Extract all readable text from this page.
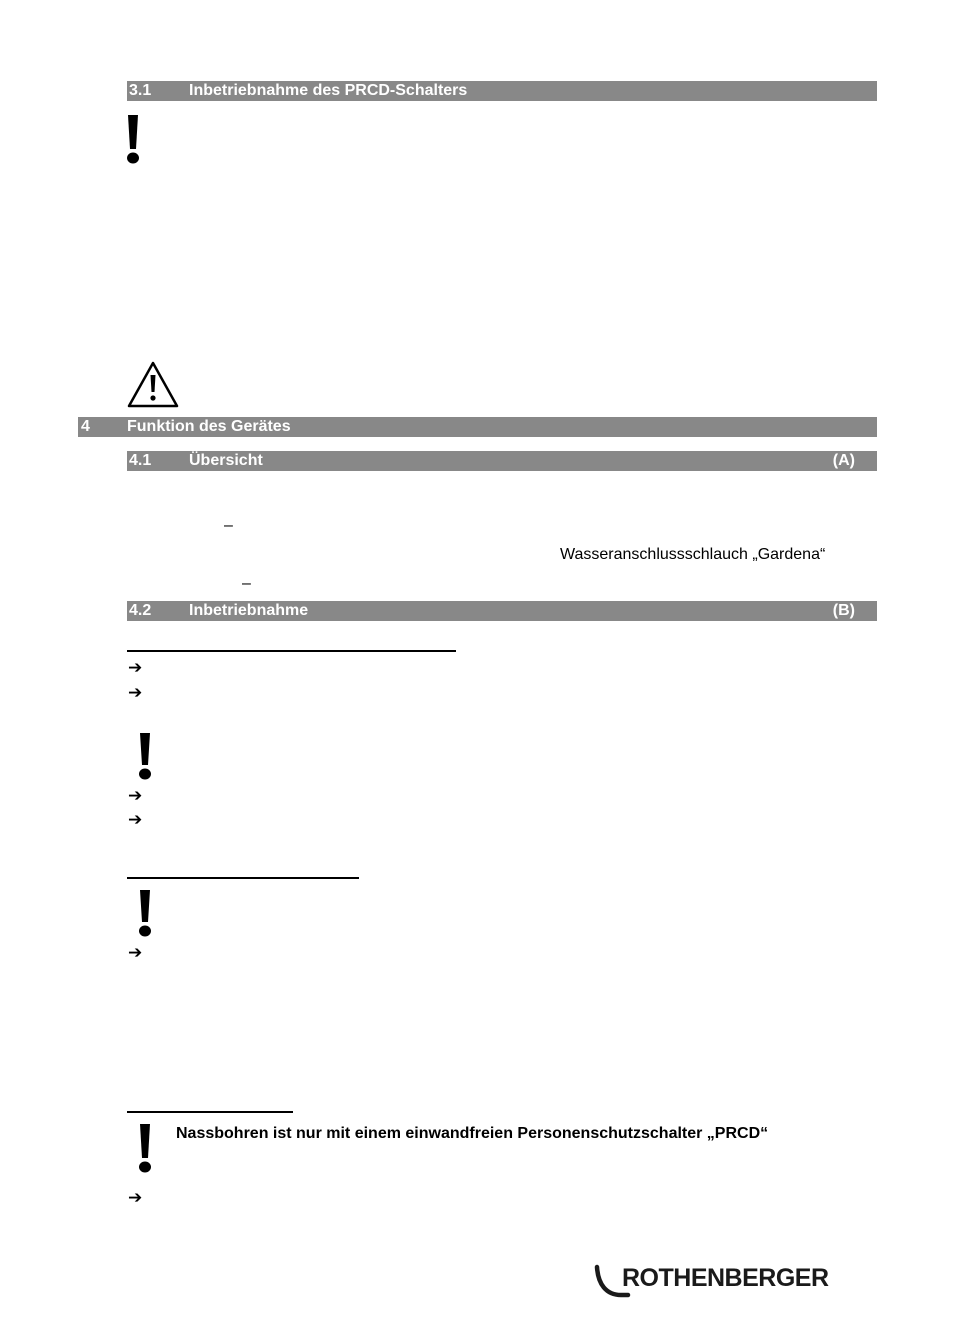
3.1 Inbetriebnahme des PRCD-Schalters
4 Funktion des Gerätes
4.1 Übersicht	(A)
–
Wasseranschlussschlauch „Gardena“
–
4.2 Inbetriebnahme	(B)
➔
➔
➔
➔
➔
Nassbohren ist nur mit einem einwandfreien Personenschutzschalter „PRCD“
➔
ROTHENBERGER
